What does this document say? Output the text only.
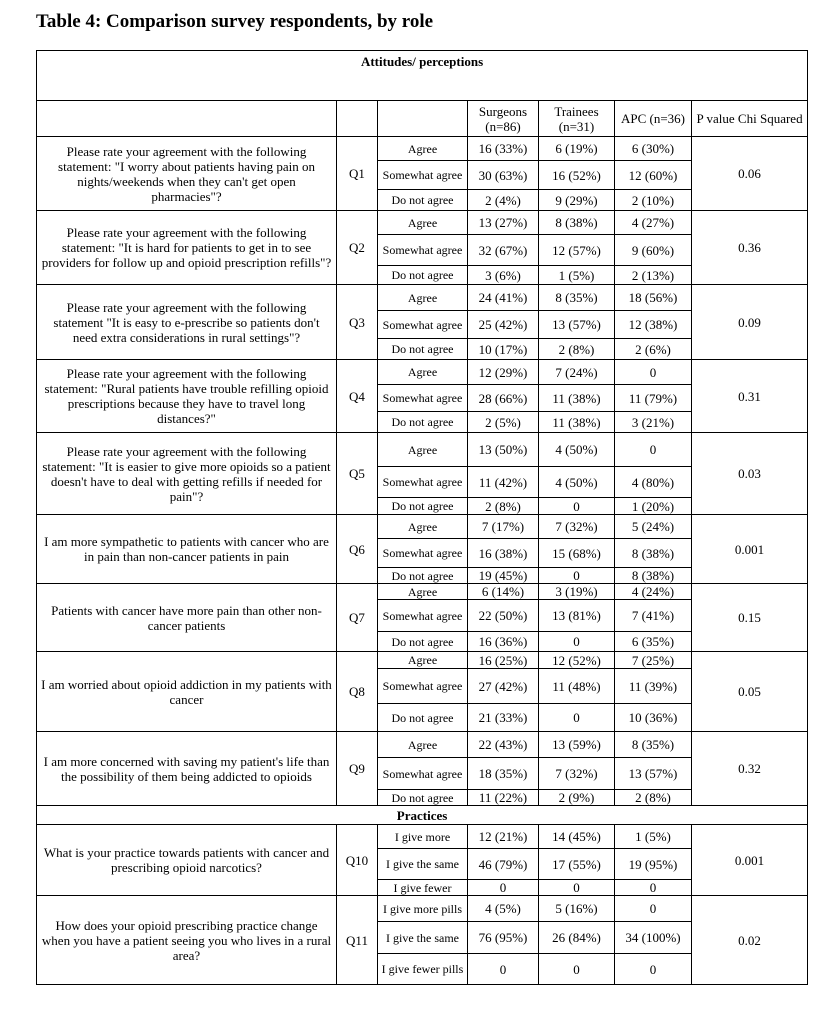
Table 4: Comparison survey respondents, by role
Attitudes/ perceptions						
			Surgeons (n=86)	Trainees (n=31)	APC (n=36)	P value Chi Squared
Please rate your agreement with the following statement: "I worry about patients having pain on nights/weekends when they can't get open pharmacies"?	Q1	Agree	16 (33%)	6 (19%)	6 (30%)	0.06
		Somewhat agree	30 (63%)	16 (52%)	12 (60%)	
		Do not agree	2 (4%)	9 (29%)	2 (10%)	
Please rate your agreement with the following statement: "It is hard for patients to get in to see providers for follow up and opioid prescription refills"?	Q2	Agree	13 (27%)	8 (38%)	4 (27%)	0.36
		Somewhat agree	32 (67%)	12 (57%)	9 (60%)	
		Do not agree	3 (6%)	1 (5%)	2 (13%)	
Please rate your agreement with the following statement "It is easy to e-prescribe so patients don't need extra considerations in rural settings"?	Q3	Agree	24 (41%)	8 (35%)	18 (56%)	0.09
		Somewhat agree	25 (42%)	13 (57%)	12 (38%)	
		Do not agree	10 (17%)	2 (8%)	2 (6%)	
Please rate your agreement with the following statement: "Rural patients have trouble refilling opioid prescriptions because they have to travel long distances?"	Q4	Agree	12 (29%)	7 (24%)	0	0.31
		Somewhat agree	28 (66%)	11 (38%)	11 (79%)	
		Do not agree	2 (5%)	11 (38%)	3 (21%)	
Please rate your agreement with the following statement: "It is easier to give more opioids so a patient doesn't have to deal with getting refills if needed for pain"?	Q5	Agree	13 (50%)	4 (50%)	0	0.03
		Somewhat agree	11 (42%)	4 (50%)	4 (80%)	
		Do not agree	2 (8%)	0	1 (20%)	
I am more sympathetic to patients with cancer who are in pain than non-cancer patients in pain	Q6	Agree	7 (17%)	7 (32%)	5 (24%)	0.001
		Somewhat agree	16 (38%)	15 (68%)	8 (38%)	
		Do not agree	19 (45%)	0	8 (38%)	
Patients with cancer have more pain than other non-cancer patients	Q7	Agree	6 (14%)	3 (19%)	4 (24%)	0.15
		Somewhat agree	22 (50%)	13 (81%)	7 (41%)	
		Do not agree	16 (36%)	0	6 (35%)	
I am worried about opioid addiction in my patients with cancer	Q8	Agree	16 (25%)	12 (52%)	7 (25%)	0.05
		Somewhat agree	27 (42%)	11 (48%)	11 (39%)	
		Do not agree	21 (33%)	0	10 (36%)	
I am more concerned with saving my patient's life than the possibility of them being addicted to opioids	Q9	Agree	22 (43%)	13 (59%)	8 (35%)	0.32
		Somewhat agree	18 (35%)	7 (32%)	13 (57%)	
		Do not agree	11 (22%)	2 (9%)	2 (8%)	
Practices						
What is your practice towards patients with cancer and prescribing opioid narcotics?	Q10	I give more	12 (21%)	14 (45%)	1 (5%)	0.001
		I give the same	46 (79%)	17 (55%)	19 (95%)	
		I give fewer	0	0	0	
How does your opioid prescribing practice change when you have a patient seeing you who lives in a rural area?	Q11	I give more pills	4 (5%)	5 (16%)	0	0.02
		I give the same	76 (95%)	26 (84%)	34 (100%)	
		I give fewer pills	0	0	0	
